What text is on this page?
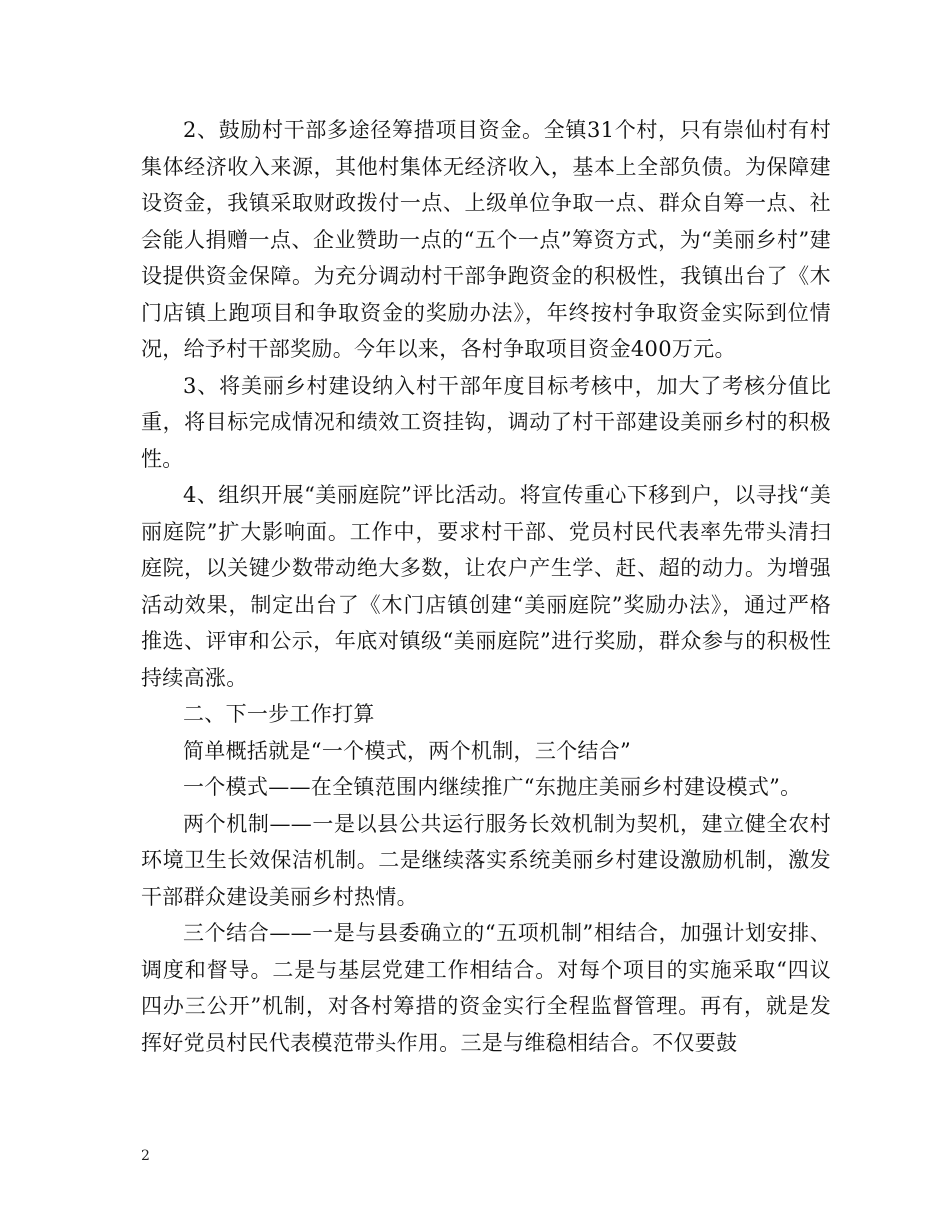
2、鼓励村干部多途径筹措项目资金。全镇31个村，只有崇仙村有村集体经济收入来源，其他村集体无经济收入，基本上全部负债。为保障建设资金，我镇采取财政拨付一点、上级单位争取一点、群众自筹一点、社会能人捐赠一点、企业赞助一点的“五个一点”筹资方式，为“美丽乡村”建设提供资金保障。为充分调动村干部争跑资金的积极性，我镇出台了《木门店镇上跑项目和争取资金的奖励办法》，年终按村争取资金实际到位情况，给予村干部奖励。今年以来，各村争取项目资金400万元。

3、将美丽乡村建设纳入村干部年度目标考核中，加大了考核分值比重，将目标完成情况和绩效工资挂钩，调动了村干部建设美丽乡村的积极性。

4、组织开展“美丽庭院”评比活动。将宣传重心下移到户，以寻找“美丽庭院”扩大影响面。工作中，要求村干部、党员村民代表率先带头清扫庭院，以关键少数带动绝大多数，让农户产生学、赶、超的动力。为增强活动效果，制定出台了《木门店镇创建“美丽庭院”奖励办法》，通过严格推选、评审和公示，年底对镇级“美丽庭院”进行奖励，群众参与的积极性持续高涨。

二、下一步工作打算

简单概括就是“一个模式，两个机制，三个结合”

一个模式——在全镇范围内继续推广“东抛庄美丽乡村建设模式”。

两个机制——一是以县公共运行服务长效机制为契机，建立健全农村环境卫生长效保洁机制。二是继续落实系统美丽乡村建设激励机制，激发干部群众建设美丽乡村热情。

三个结合——一是与县委确立的“五项机制”相结合，加强计划安排、调度和督导。二是与基层党建工作相结合。对每个项目的实施采取“四议四办三公开”机制，对各村筹措的资金实行全程监督管理。再有，就是发挥好党员村民代表模范带头作用。三是与维稳相结合。不仅要鼓

2
